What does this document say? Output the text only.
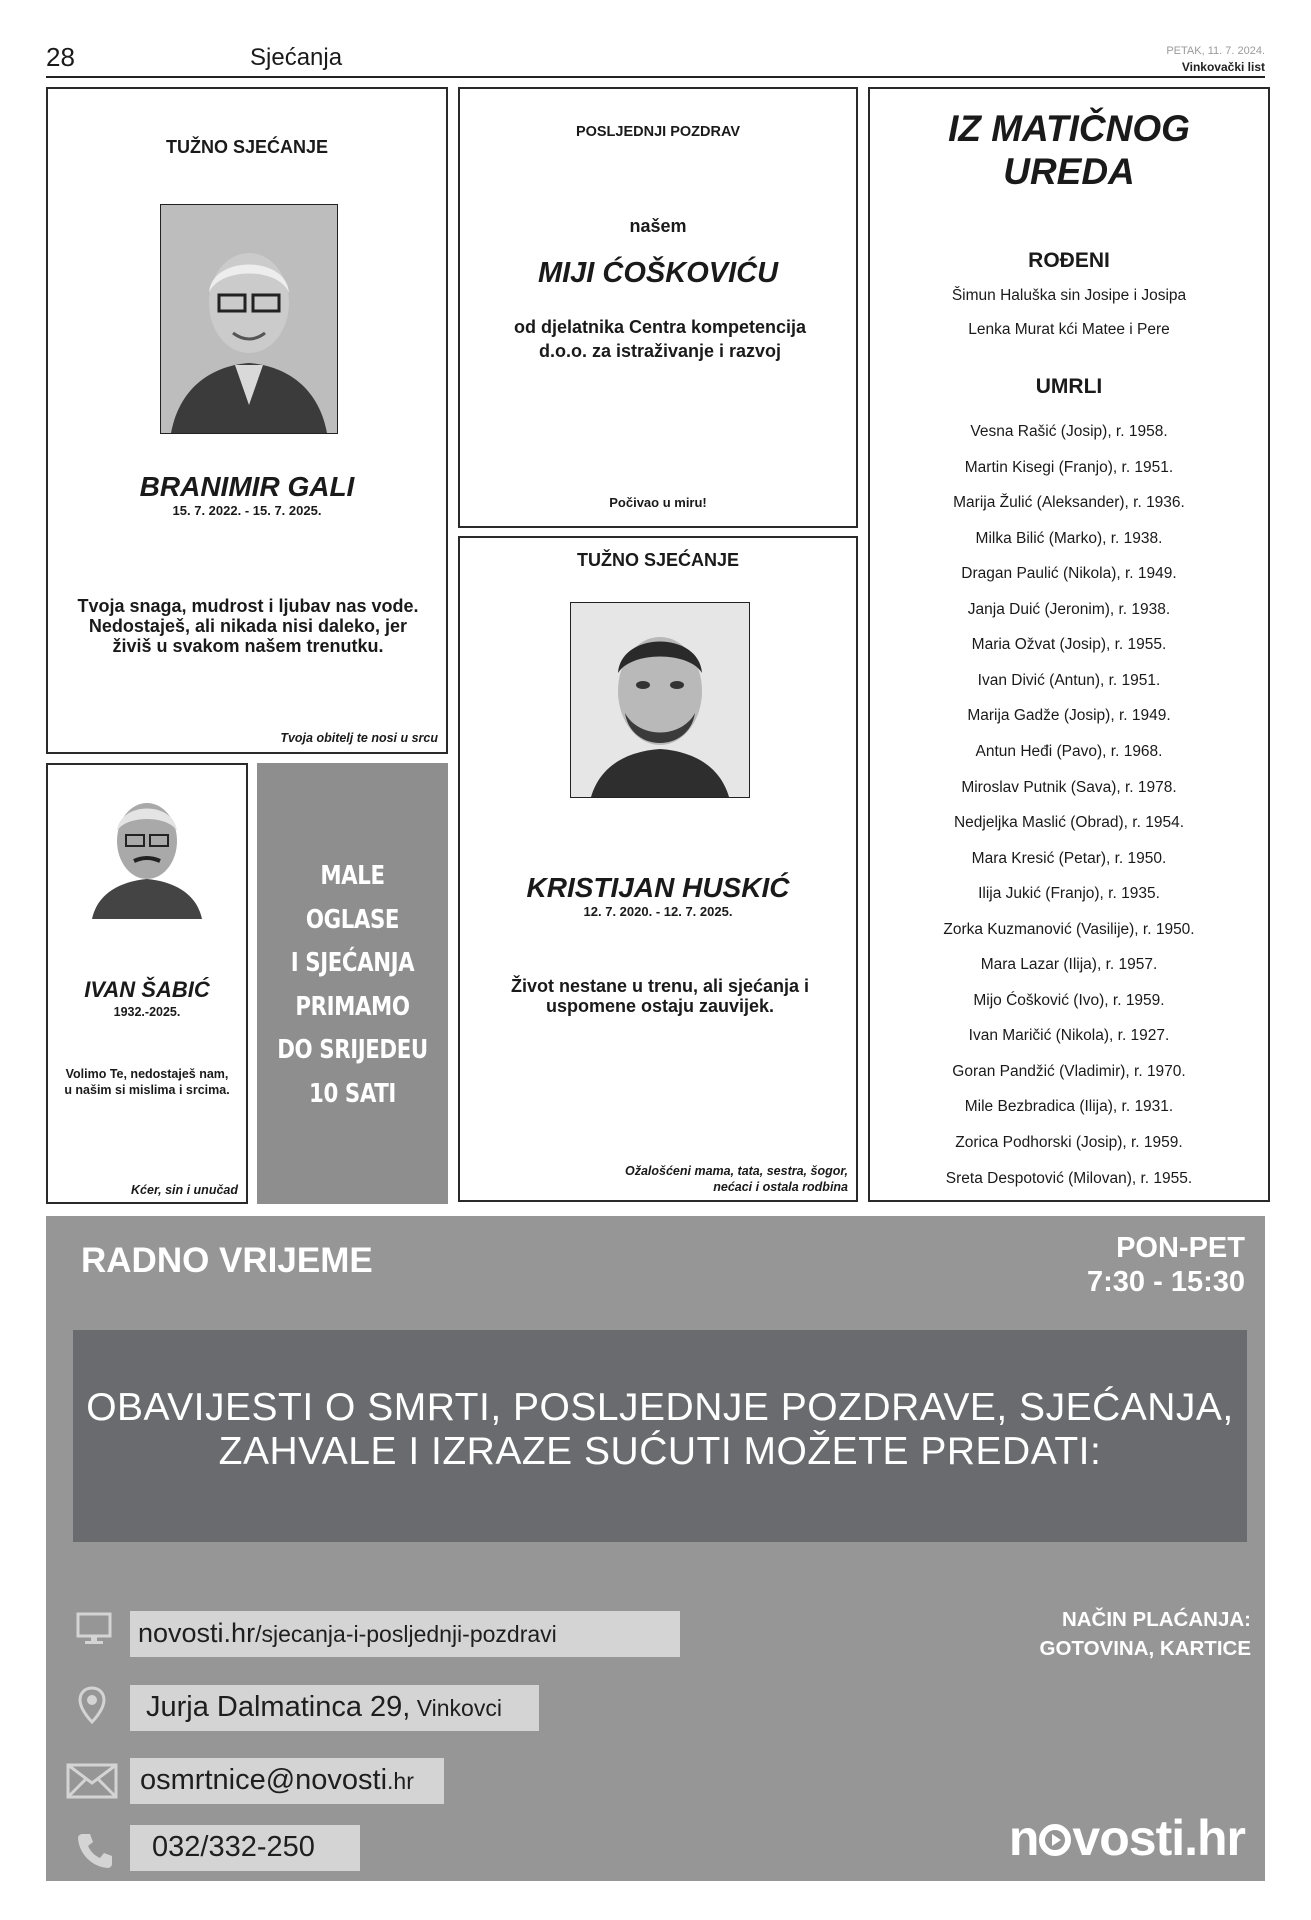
28	Sjećanja	PETAK, 11. 7. 2024.
Vinkovački list
TUŽNO SJEĆANJE
BRANIMIR GALI
15. 7. 2022. - 15. 7. 2025.
Tvoja snaga, mudrost i ljubav nas vode. Nedostaješ, ali nikada nisi daleko, jer živiš u svakom našem trenutku.
Tvoja obitelj te nosi u srcu
POSLJEDNJI POZDRAV
našem
MIJI ĆOŠKOVIĆU
od djelatnika Centra kompetencija d.o.o. za istraživanje i razvoj
Počivao u miru!
TUŽNO SJEĆANJE
KRISTIJAN HUSKIĆ
12. 7. 2020. - 12. 7. 2025.
Život nestane u trenu, ali sjećanja i uspomene ostaju zauvijek.
Ožalošćeni mama, tata, sestra, šogor,
nećaci i ostala rodbina
IVAN ŠABIĆ
1932.-2025.
Volimo Te, nedostaješ nam, u našim si mislima i srcima.
Kćer, sin i unučad
MALE
OGLASE
I SJEĆANJA
PRIMAMO
DO SRIJEDEU
10 SATI
IZ MATIČNOG
UREDA
ROĐENI
Šimun Haluška sin Josipe i Josipa
Lenka Murat kći Matee i Pere
UMRLI
Vesna Rašić (Josip), r. 1958.
Martin Kisegi (Franjo), r. 1951.
Marija Žulić (Aleksander), r. 1936.
Milka Bilić (Marko), r. 1938.
Dragan Paulić (Nikola), r. 1949.
Janja Duić (Jeronim), r. 1938.
Maria Ožvat (Josip), r. 1955.
Ivan Divić (Antun), r. 1951.
Marija Gadže (Josip), r. 1949.
Antun Heđi (Pavo), r. 1968.
Miroslav Putnik (Sava), r. 1978.
Nedjeljka Maslić (Obrad), r. 1954.
Mara Kresić (Petar), r. 1950.
Ilija Jukić (Franjo), r. 1935.
Zorka Kuzmanović (Vasilije), r. 1950.
Mara Lazar (Ilija), r. 1957.
Mijo Ćošković (Ivo), r. 1959.
Ivan Maričić (Nikola), r. 1927.
Goran Pandžić (Vladimir), r. 1970.
Mile Bezbradica (Ilija), r. 1931.
Zorica Podhorski (Josip), r. 1959.
Sreta Despotović (Milovan), r. 1955.
RADNO VRIJEME	PON-PET
7:30 - 15:30
OBAVIJESTI O SMRTI, POSLJEDNJE POZDRAVE, SJEĆANJA,
ZAHVALE I IZRAZE SUĆUTI MOŽETE PREDATI:
novosti.hr/sjecanja-i-posljednji-pozdravi
Jurja Dalmatinca 29, Vinkovci
osmrtnice@novosti.hr
032/332-250
NAČIN PLAĆANJA:
GOTOVINA, KARTICE
n vosti.hr
